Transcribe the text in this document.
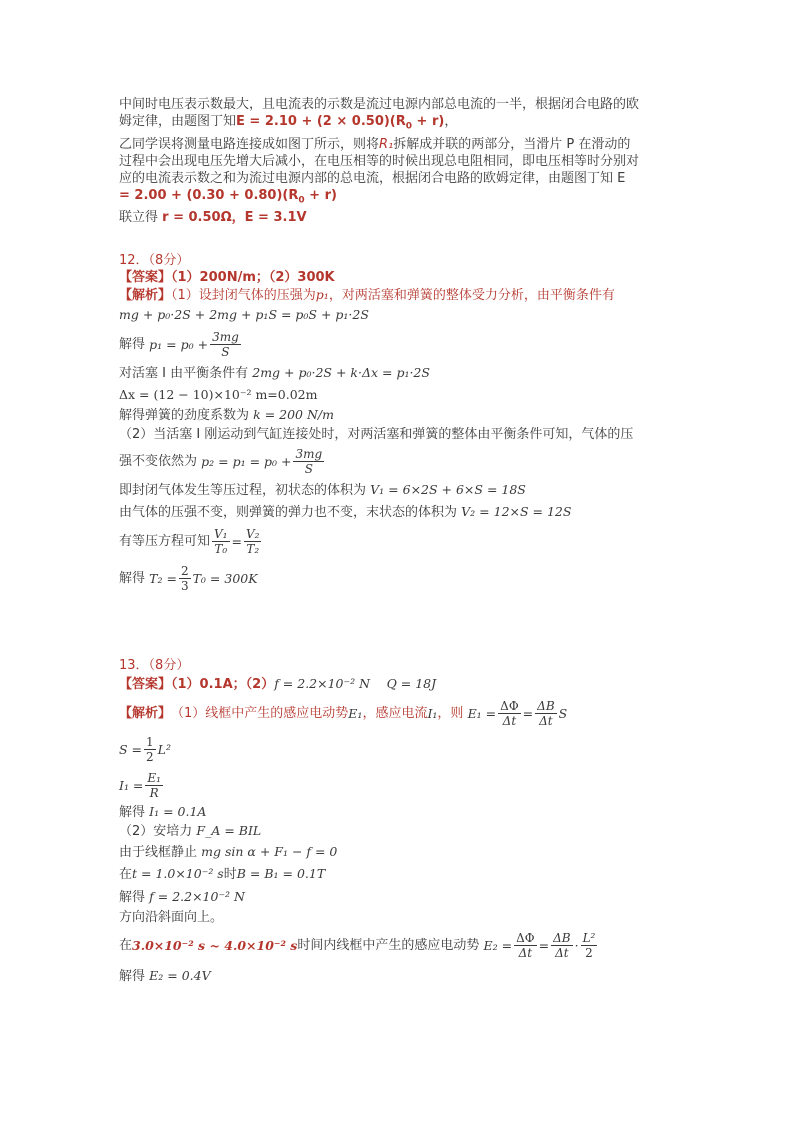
中间时电压表示数最大，且电流表的示数是流过电源内部总电流的一半，根据闭合电路的欧
姆定律，由题图丁知$E = 2.10 + (2 \times 0.50)(R_0 + r)$，
乙同学误将测量电路连接成如图丁所示，则将R₁拆解成并联的两部分，当滑片 P 在滑动的
过程中会出现电压先增大后减小，在电压相等的时候出现总电阻相同，即电压相等时分别对
应的电流表示数之和为流过电源内部的总电流，根据闭合电路的欧姆定律，由题图丁知 E
= $2.00 + (0.30 + 0.80)(R_0 + r)$
联立得 r = 0.50Ω，E = 3.1V
12．（8分）
【答案】（1）200N/m；（2）300K
【解析】（1）设封闭气体的压强为p₁，对两活塞和弹簧的整体受力分析，由平衡条件有
mg + p₀·2S + 2mg + p₁S = p₀S + p₁·2S
解得
$p_1 = p_0 + \frac{3mg}{S}$
对活塞 I 由平衡条件有 2mg + p₀·2S + k·Δx = p₁·2S
Δx = (12 − 10)×10⁻² m=0.02m
解得弹簧的劲度系数为 k = 200 N/m
（2）当活塞 I 刚运动到气缸连接处时，对两活塞和弹簧的整体由平衡条件可知，气体的压
强不变依然为
$p_2 = p_1 = p_0 + \frac{3mg}{S}$
即封闭气体发生等压过程，初状态的体积为 V₁ = 6×2S + 6×S = 18S
由气体的压强不变，则弹簧的弹力也不变，末状态的体积为 V₂ = 12×S = 12S
有等压方程可知 $\frac{\text{V₁}}{\text{T₀}} = \frac{\text{V₂}}{\text{T₂}}$
解得
$T_2 = \frac{2}{3} T_0 = 300K$
13．（8分）
【答案】（1）0.1A；（2）f = 2.2×10⁻² N Q = 18J
【解析】 （1）线框中产生的感应电动势 E₁ ，感应电流 I₁ ，则
$E_1 = \frac{\Delta\Phi}{\Delta t} = \frac{\Delta B}{\Delta t}$ S
$S = \frac{1}{2} L^2$
$I_1 = \frac{\text{E₁}}{R}$
解得 I₁ = 0.1A
（2）安培力 F_A = BIL
由于线框静止 mg sin α + F₁ − f = 0
在t = 1.0×10⁻² s时B = B₁ = 0.1T
解得 f = 2.2×10⁻² N
方向沿斜面向上。
在 3.0×10⁻² s ~ 4.0×10⁻² s 时间内线框中产生的感应电动势
$E_2 = \frac{\Delta\Phi}{\Delta t} = \frac{\Delta B}{\Delta t} \cdot \frac{\text{L²}}{2}$
解得 E₂ = 0.4V
